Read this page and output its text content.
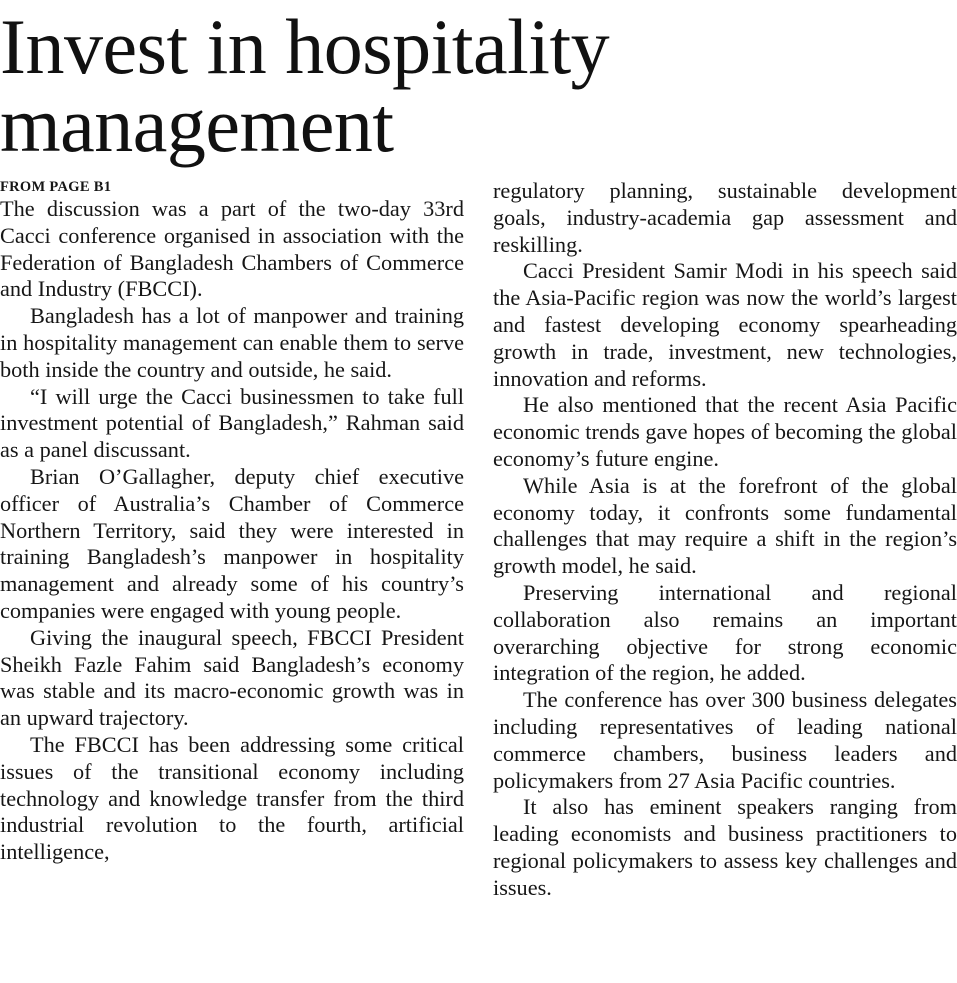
Invest in hospitality management
FROM PAGE B1

The discussion was a part of the two-day 33rd Cacci conference organised in association with the Federation of Bangladesh Chambers of Commerce and Industry (FBCCI).

Bangladesh has a lot of manpower and training in hospitality management can enable them to serve both inside the country and outside, he said.

“I will urge the Cacci businessmen to take full investment potential of Bangladesh,” Rahman said as a panel discussant.

Brian O’Gallagher, deputy chief executive officer of Australia’s Chamber of Commerce Northern Territory, said they were interested in training Bangladesh’s manpower in hospitality management and already some of his country’s companies were engaged with young people.

Giving the inaugural speech, FBCCI President Sheikh Fazle Fahim said Bangladesh’s economy was stable and its macro-economic growth was in an upward trajectory.

The FBCCI has been addressing some critical issues of the transitional economy including technology and knowledge transfer from the third industrial revolution to the fourth, artificial intelligence,

regulatory planning, sustainable development goals, industry-academia gap assessment and reskilling.

Cacci President Samir Modi in his speech said the Asia-Pacific region was now the world’s largest and fastest developing economy spearheading growth in trade, investment, new technologies, innovation and reforms.

He also mentioned that the recent Asia Pacific economic trends gave hopes of becoming the global economy’s future engine.

While Asia is at the forefront of the global economy today, it confronts some fundamental challenges that may require a shift in the region’s growth model, he said.

Preserving international and regional collaboration also remains an important overarching objective for strong economic integration of the region, he added.

The conference has over 300 business delegates including representatives of leading national commerce chambers, business leaders and policymakers from 27 Asia Pacific countries.

It also has eminent speakers ranging from leading economists and business practitioners to regional policymakers to assess key challenges and issues.
